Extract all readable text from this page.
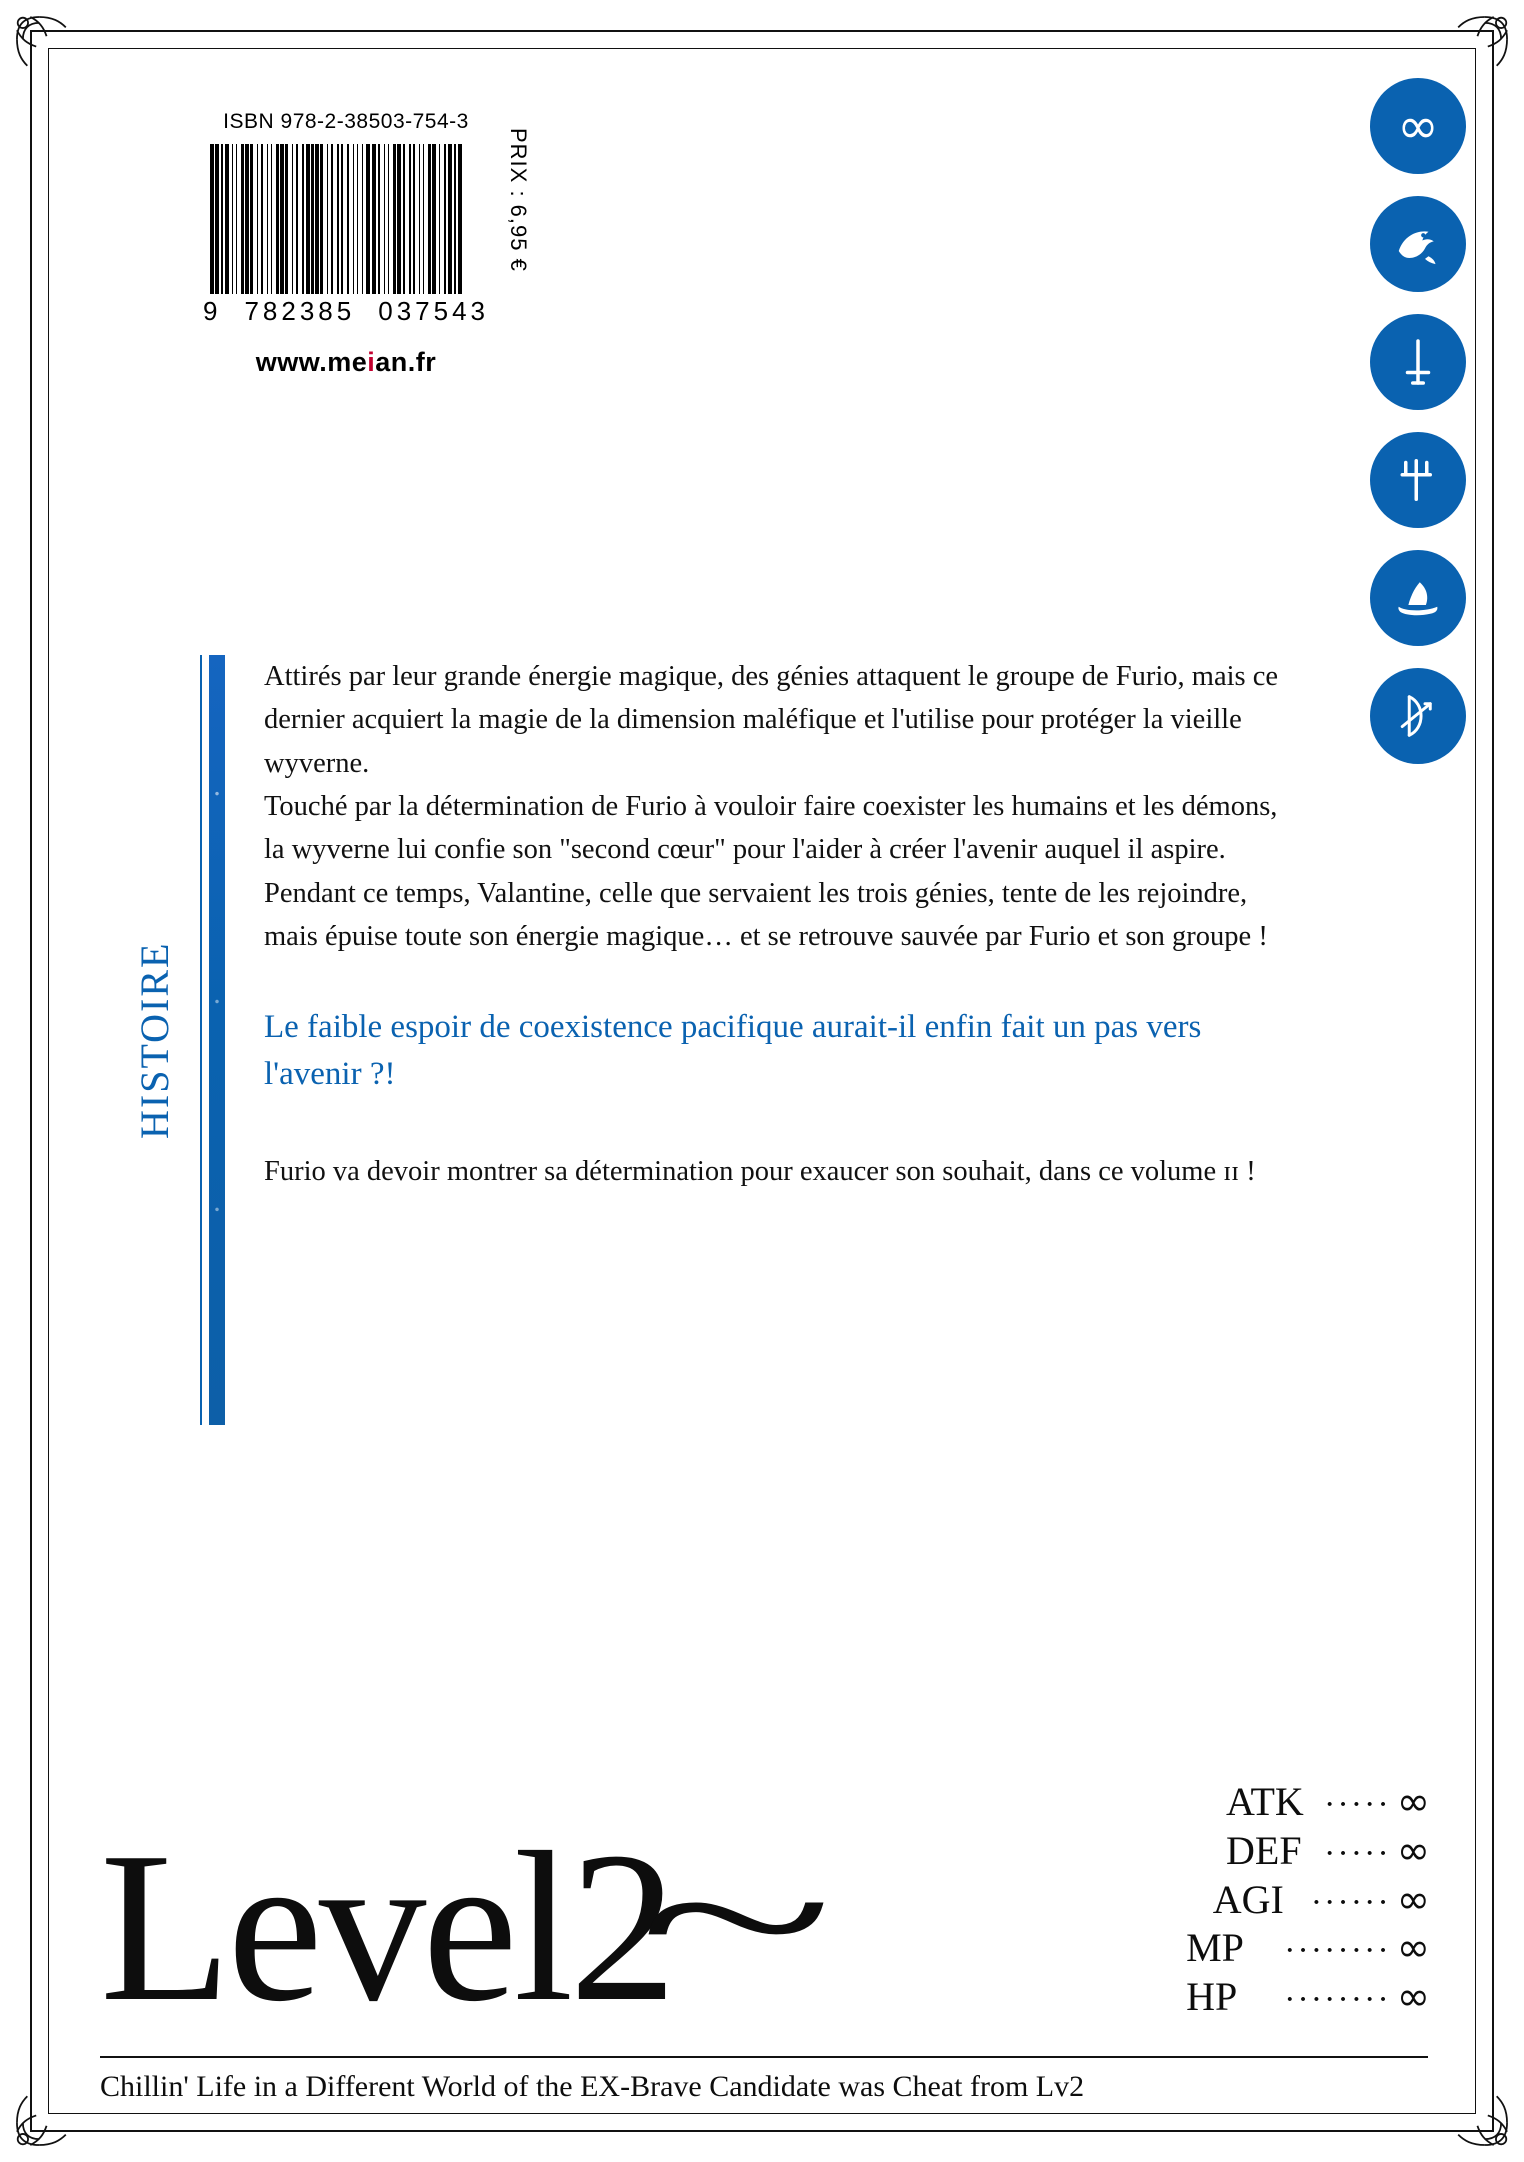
ISBN 978-2-38503-754-3
9 782385 037543
www.meian.fr
PRIX : 6,95 €
∞
HISTOIRE

Attirés par leur grande énergie magique, des génies attaquent le groupe de Furio, mais ce dernier acquiert la magie de la dimension maléfique et l'utilise pour protéger la vieille wyverne.

Touché par la détermination de Furio à vouloir faire coexister les humains et les démons, la wyverne lui confie son "second cœur" pour l'aider à créer l'avenir auquel il aspire.

Pendant ce temps, Valantine, celle que servaient les trois génies, tente de les rejoindre, mais épuise toute son énergie magique… et se retrouve sauvée par Furio et son groupe !

Le faible espoir de coexistence pacifique aurait-il enfin fait un pas vers l'avenir ?!

Furio va devoir montrer sa détermination pour exaucer son souhait, dans ce volume ɪɪ !

Level2~
ATK ····· ∞
DEF ····· ∞
AGI ······ ∞
MP	········ ∞
HP	········ ∞
Chillin' Life in a Different World of the EX-Brave Candidate was Cheat from Lv2
